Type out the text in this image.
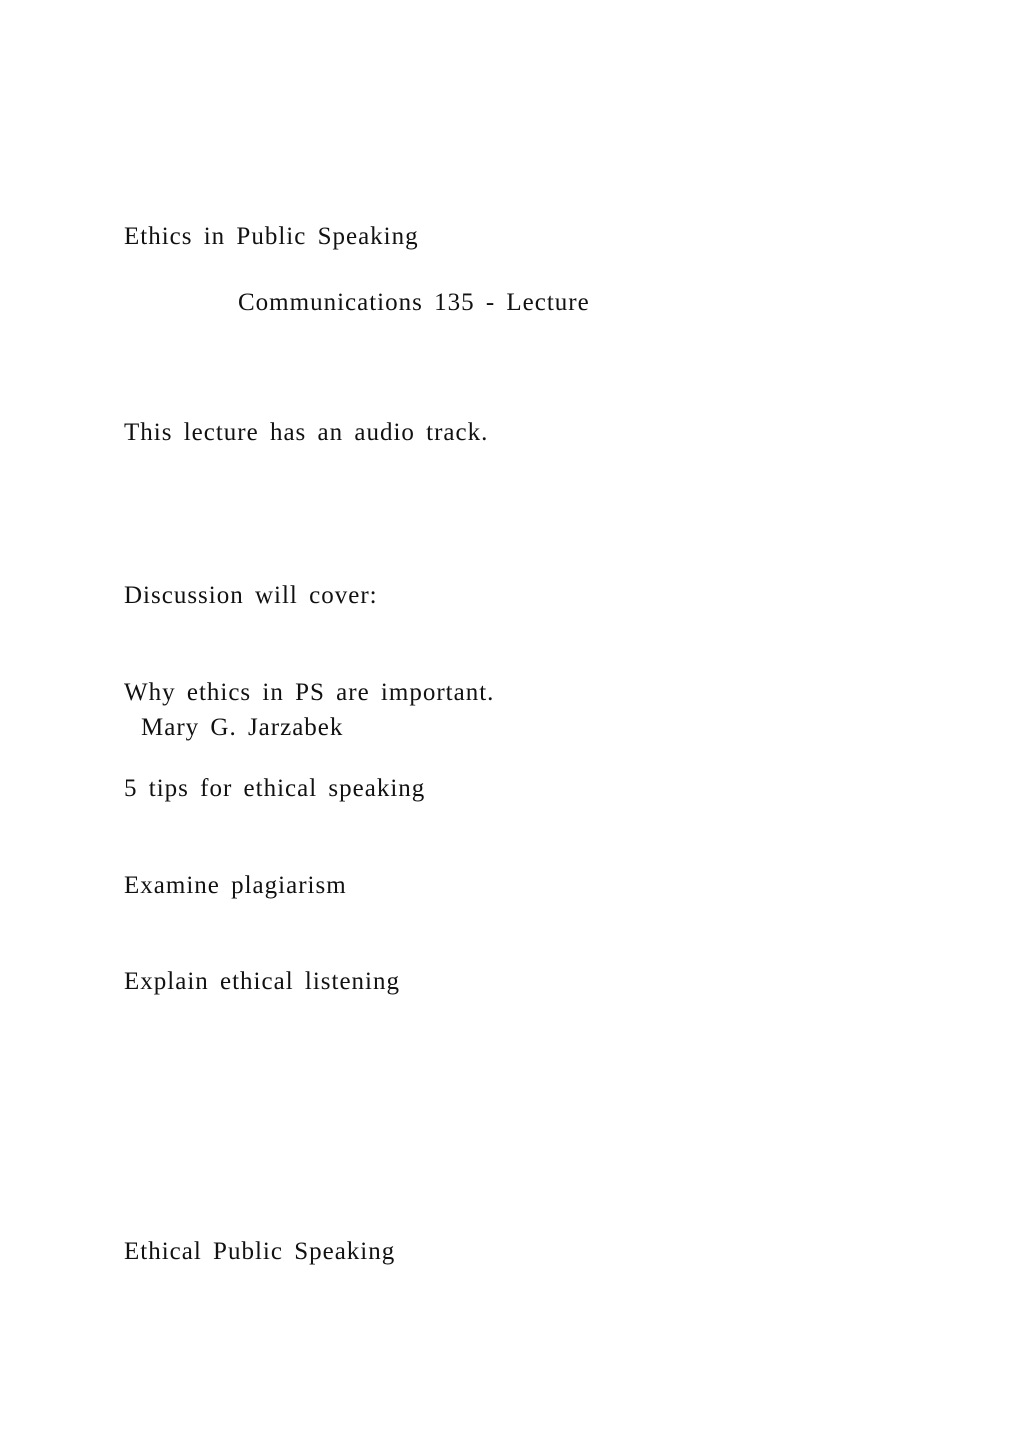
Ethics in Public Speaking
Communications 135 - Lecture
This lecture has an audio track.

Discussion will cover:

Why ethics in PS are important.

5 tips for ethical speaking

Examine plagiarism

Explain ethical listening

Mary G. Jarzabek
Ethical Public Speaking
